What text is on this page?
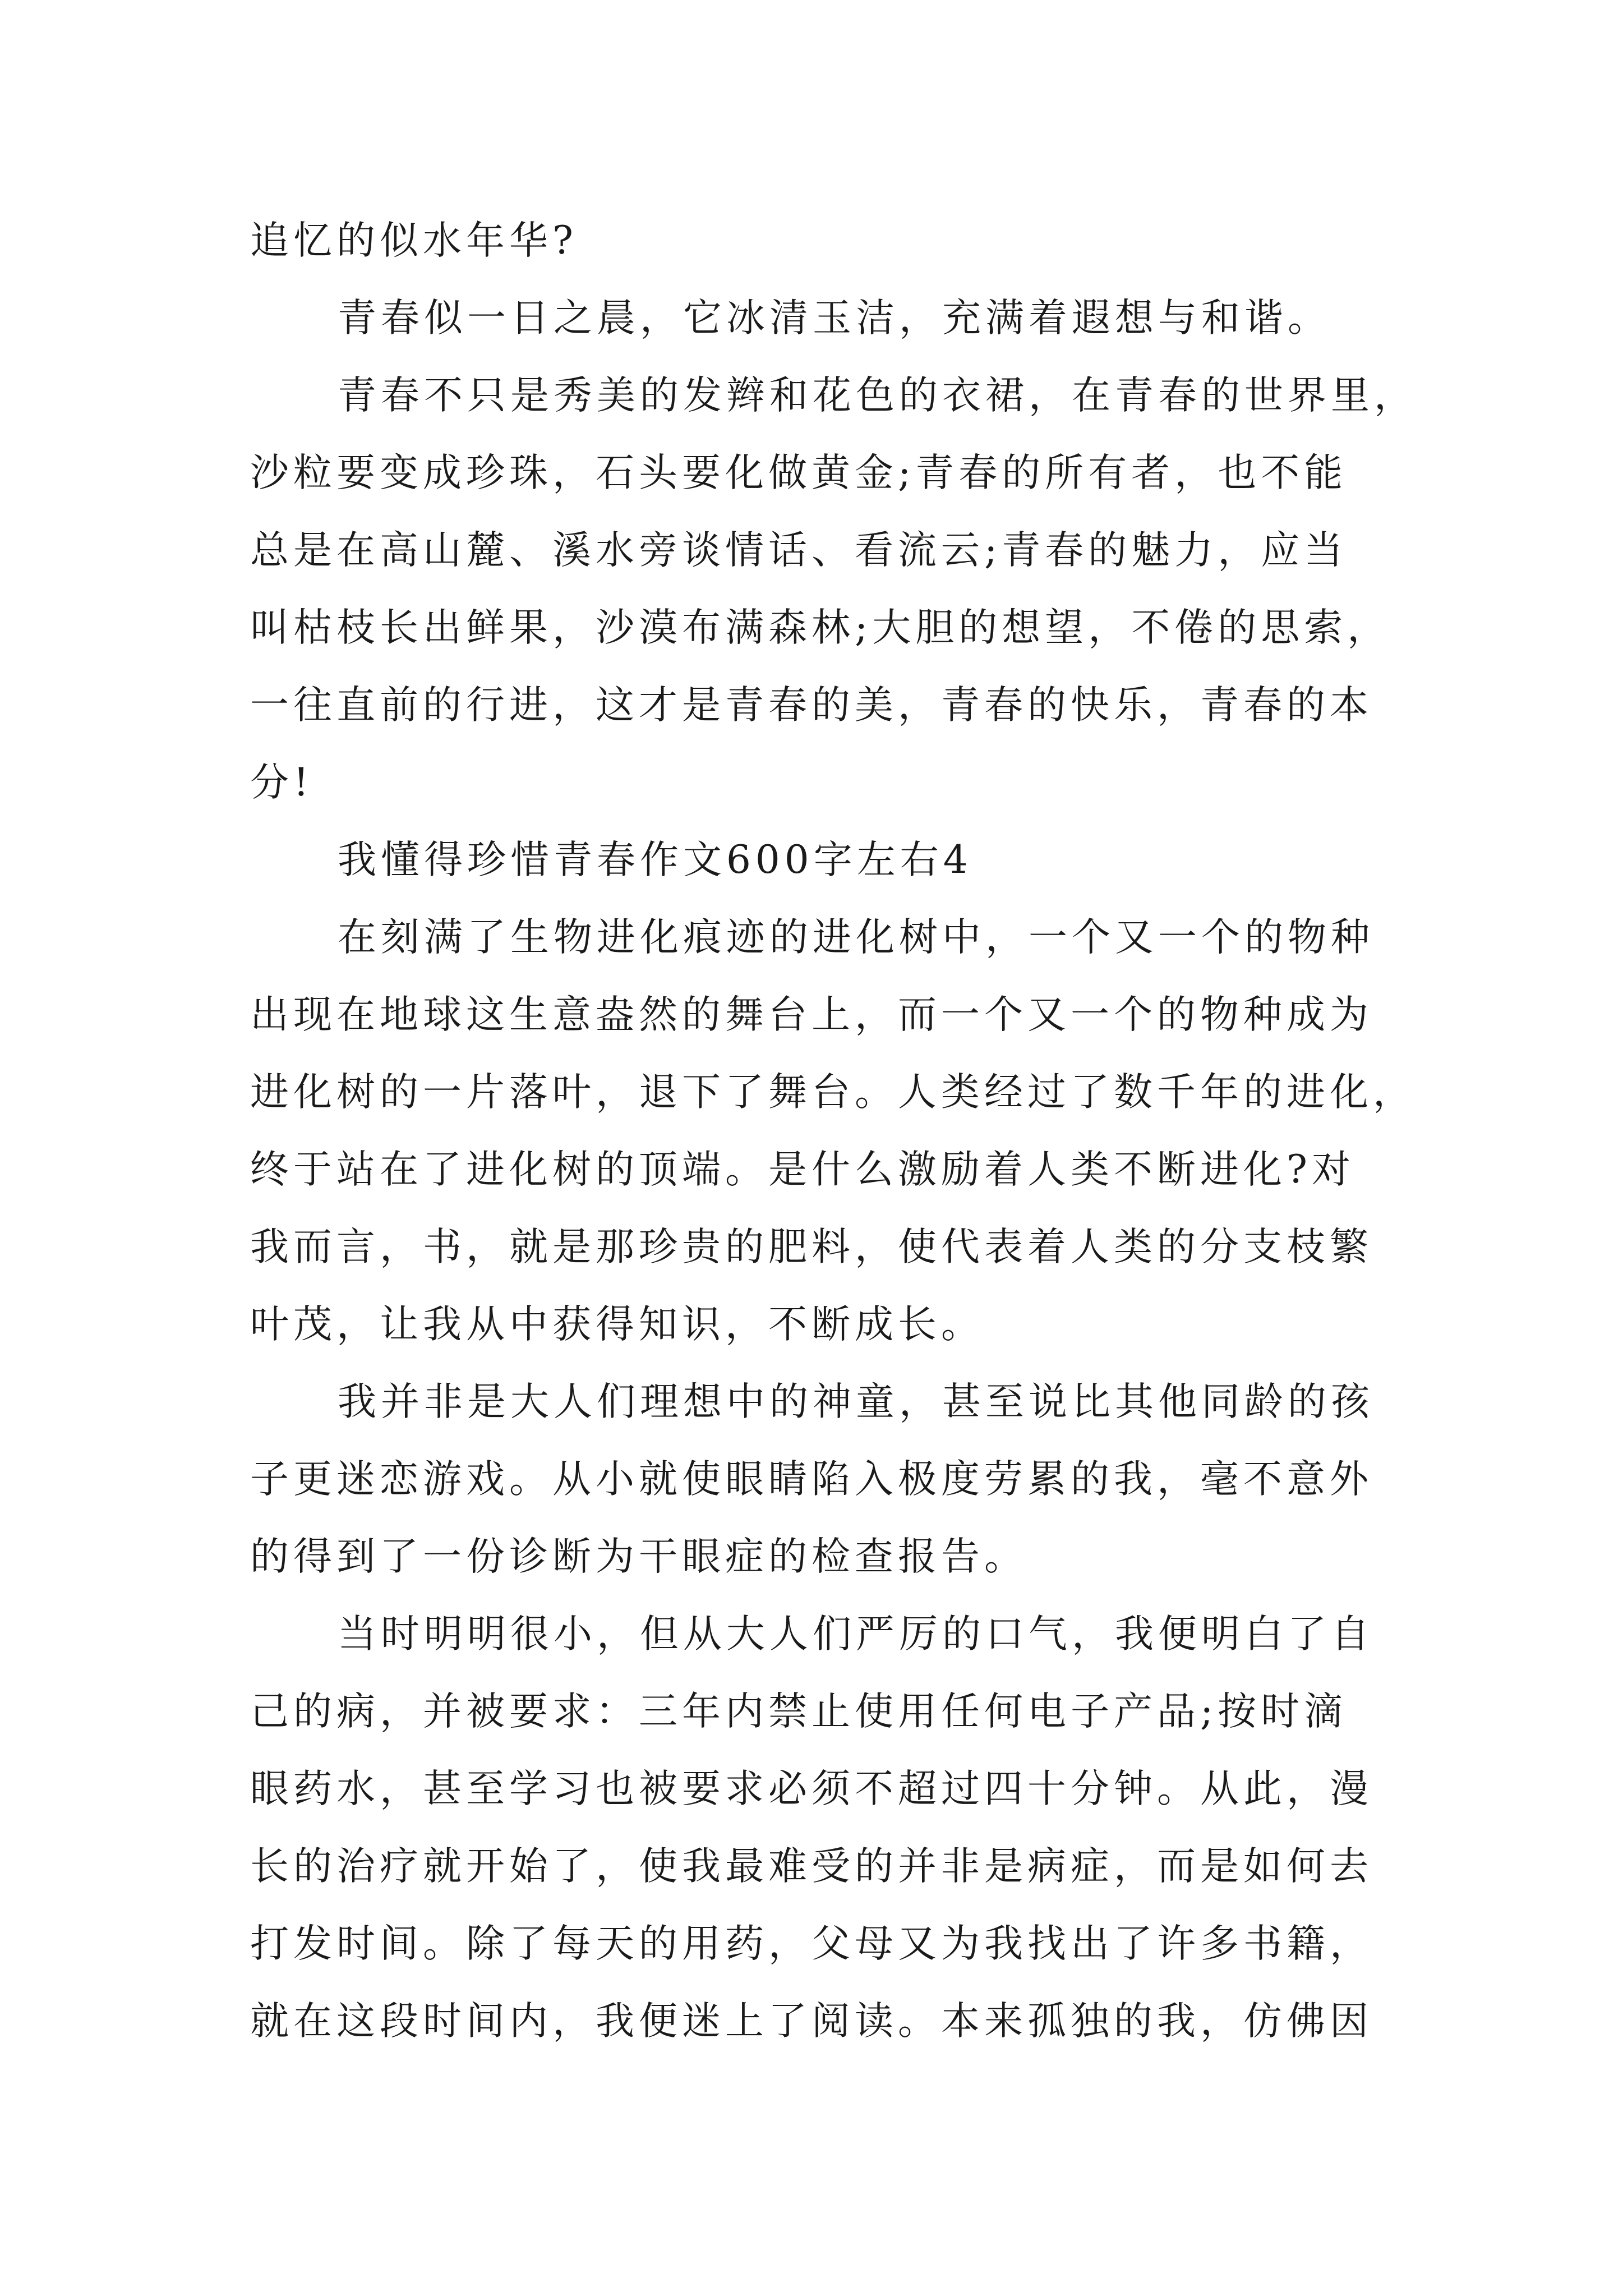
追忆的似水年华?
青春似一日之晨，它冰清玉洁，充满着遐想与和谐。
青春不只是秀美的发辫和花色的衣裙，在青春的世界里，
沙粒要变成珍珠，石头要化做黄金;青春的所有者，也不能
总是在高山麓、溪水旁谈情话、看流云;青春的魅力，应当
叫枯枝长出鲜果，沙漠布满森林;大胆的想望，不倦的思索，
一往直前的行进，这才是青春的美，青春的快乐，青春的本
分!
我懂得珍惜青春作文600字左右4
在刻满了生物进化痕迹的进化树中，一个又一个的物种
出现在地球这生意盎然的舞台上，而一个又一个的物种成为
进化树的一片落叶，退下了舞台。人类经过了数千年的进化，
终于站在了进化树的顶端。是什么激励着人类不断进化?对
我而言，书，就是那珍贵的肥料，使代表着人类的分支枝繁
叶茂，让我从中获得知识，不断成长。
我并非是大人们理想中的神童，甚至说比其他同龄的孩
子更迷恋游戏。从小就使眼睛陷入极度劳累的我，毫不意外
的得到了一份诊断为干眼症的检查报告。
当时明明很小，但从大人们严厉的口气，我便明白了自
己的病，并被要求：三年内禁止使用任何电子产品;按时滴
眼药水，甚至学习也被要求必须不超过四十分钟。从此，漫
长的治疗就开始了，使我最难受的并非是病症，而是如何去
打发时间。除了每天的用药，父母又为我找出了许多书籍，
就在这段时间内，我便迷上了阅读。本来孤独的我，仿佛因
